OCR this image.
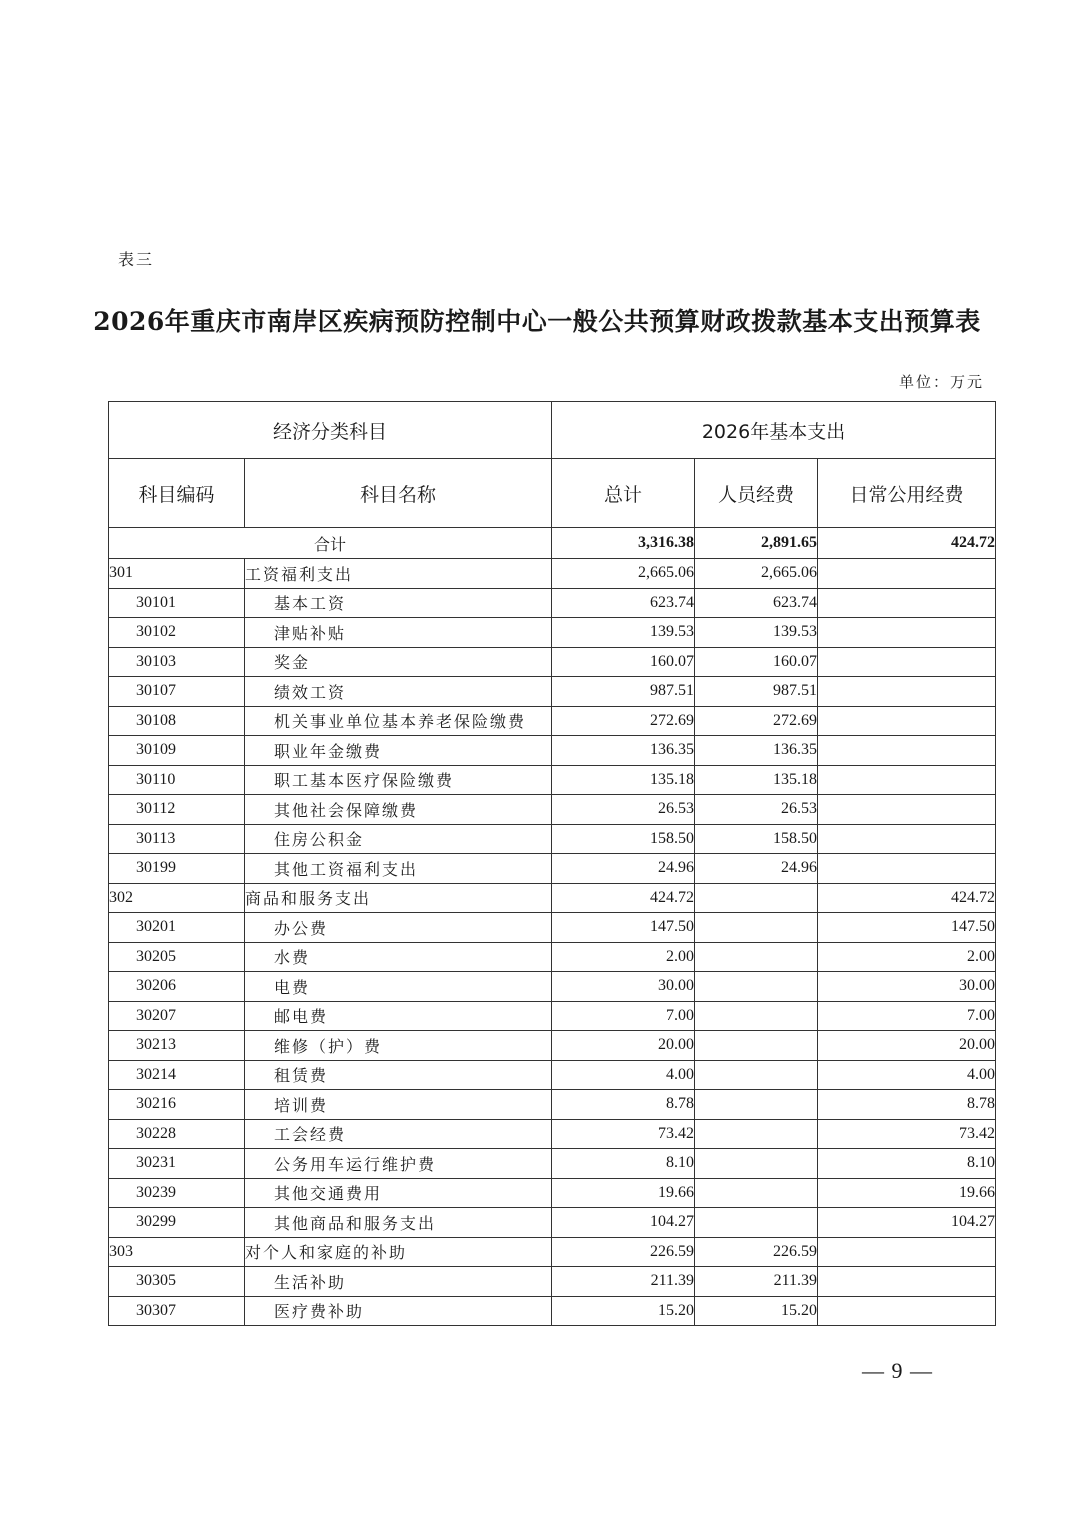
表三
2026年重庆市南岸区疾病预防控制中心一般公共预算财政拨款基本支出预算表
单位：万元
经济分类科目		2026年基本支出		
科目编码	科目名称	总计	人员经费	日常公用经费
合计		3,316.38	2,891.65	424.72
301	工资福利支出	2,665.06	2,665.06	
30101	基本工资	623.74	623.74	
30102	津贴补贴	139.53	139.53	
30103	奖金	160.07	160.07	
30107	绩效工资	987.51	987.51	
30108	机关事业单位基本养老保险缴费	272.69	272.69	
30109	职业年金缴费	136.35	136.35	
30110	职工基本医疗保险缴费	135.18	135.18	
30112	其他社会保障缴费	26.53	26.53	
30113	住房公积金	158.50	158.50	
30199	其他工资福利支出	24.96	24.96	
302	商品和服务支出	424.72		424.72
30201	办公费	147.50		147.50
30205	水费	2.00		2.00
30206	电费	30.00		30.00
30207	邮电费	7.00		7.00
30213	维修（护）费	20.00		20.00
30214	租赁费	4.00		4.00
30216	培训费	8.78		8.78
30228	工会经费	73.42		73.42
30231	公务用车运行维护费	8.10		8.10
30239	其他交通费用	19.66		19.66
30299	其他商品和服务支出	104.27		104.27
303	对个人和家庭的补助	226.59	226.59	
30305	生活补助	211.39	211.39	
30307	医疗费补助	15.20	15.20	
— 9 —
